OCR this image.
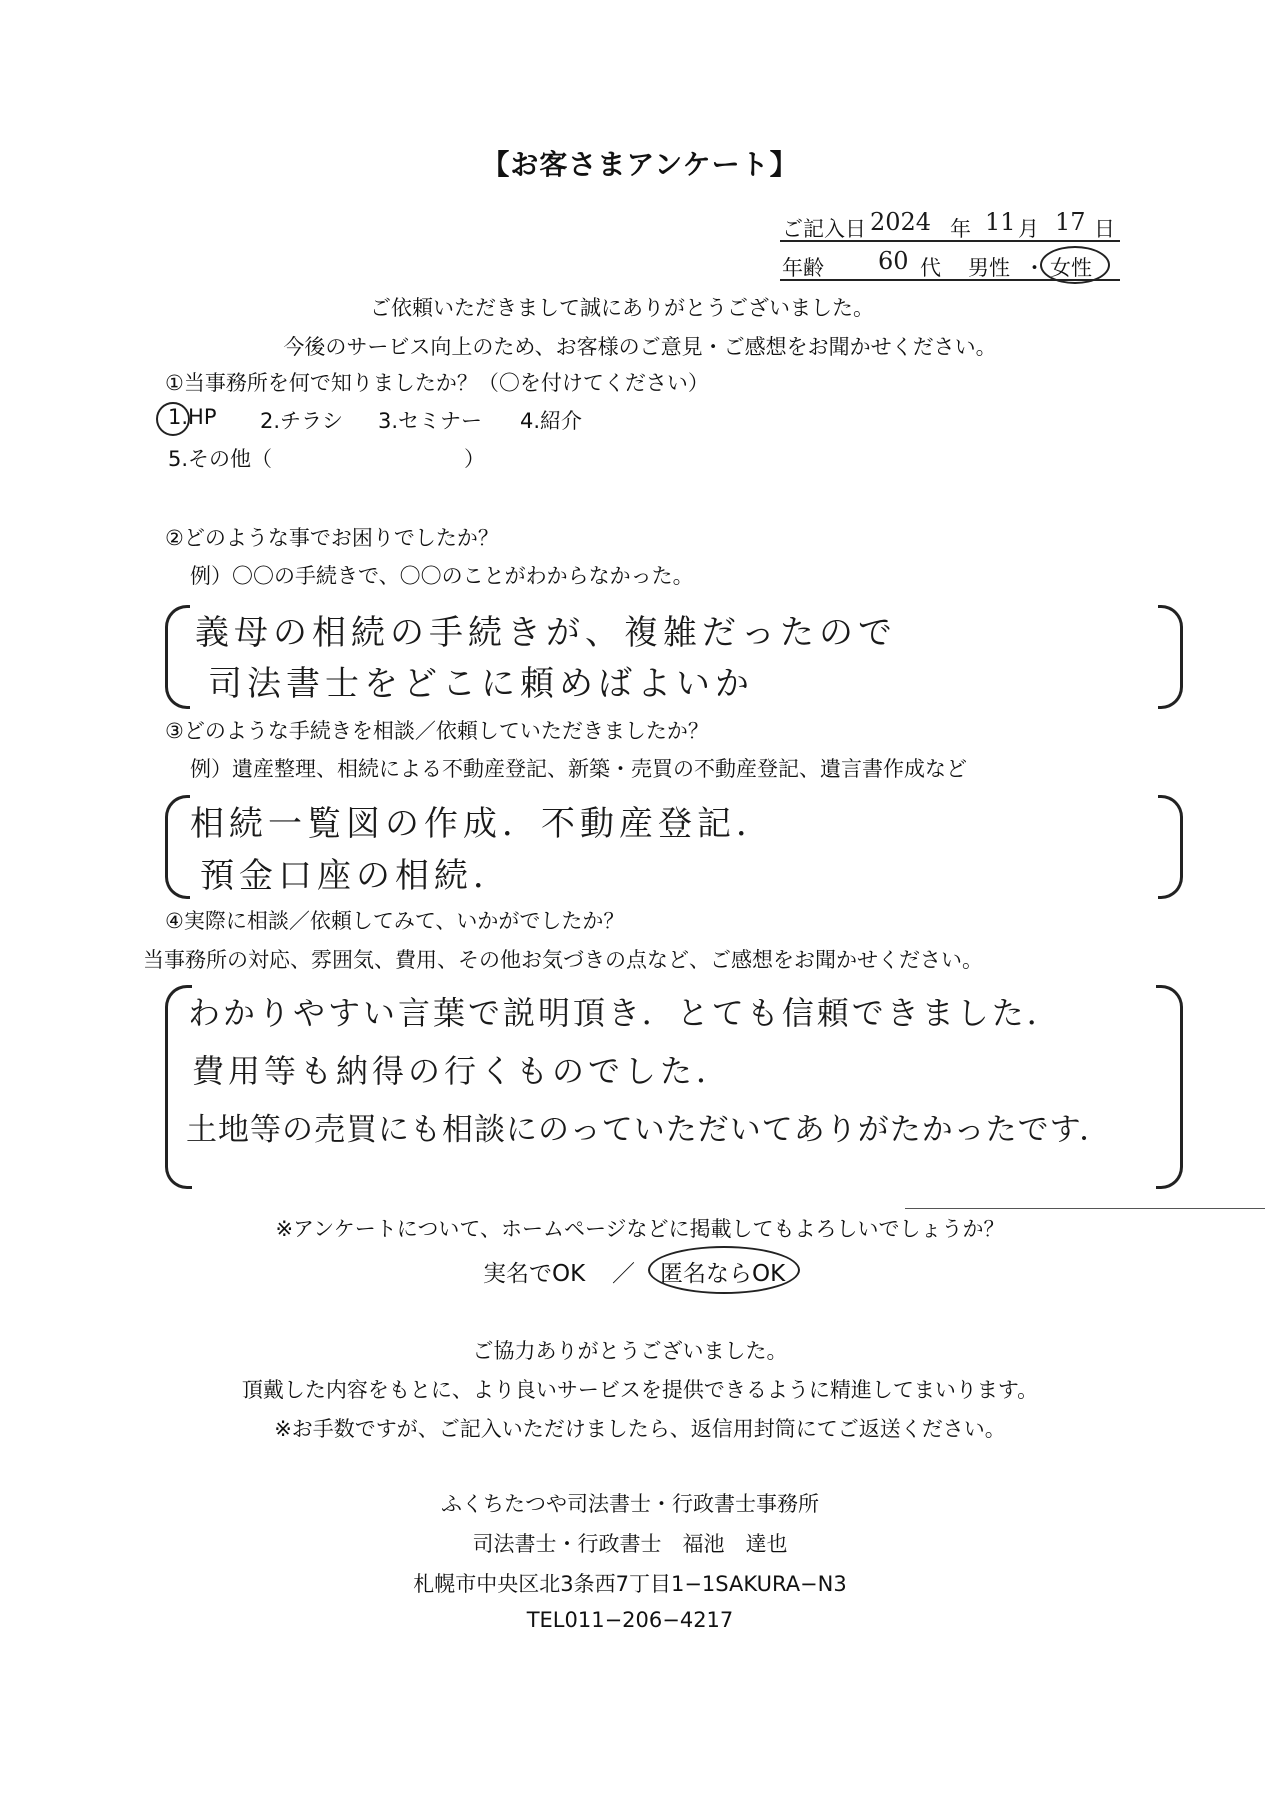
【お客さまアンケート】
ご記入日 2024 年 11 月 17 日
年齢 60 代 男性 ・ 女性
ご依頼いただきまして誠にありがとうございました。
今後のサービス向上のため、お客様のご意見・ご感想をお聞かせください。
①当事務所を何で知りましたか？（〇を付けてください）
1.HP 2.チラシ 3.セミナー 4.紹介
5.その他（	）
②どのような事でお困りでしたか？
例）〇〇の手続きで、〇〇のことがわからなかった。
義母の相続の手続きが、複雑だったので
司法書士をどこに頼めばよいか
③どのような手続きを相談／依頼していただきましたか？
例）遺産整理、相続による不動産登記、新築・売買の不動産登記、遺言書作成など
相続一覧図の作成．不動産登記．
預金口座の相続．
④実際に相談／依頼してみて、いかがでしたか？
当事務所の対応、雰囲気、費用、その他お気づきの点など、ご感想をお聞かせください。
わかりやすい言葉で説明頂き．とても信頼できました．
費用等も納得の行くものでした．
土地等の売買にも相談にのっていただいてありがたかったです．
※アンケートについて、ホームページなどに掲載してもよろしいでしょうか？
実名でOK ／ 匿名ならOK
ご協力ありがとうございました。
頂戴した内容をもとに、より良いサービスを提供できるように精進してまいります。
※お手数ですが、ご記入いただけましたら、返信用封筒にてご返送ください。
ふくちたつや司法書士・行政書士事務所
司法書士・行政書士　福池　達也
札幌市中央区北3条西7丁目1−1SAKURA−N3
TEL011−206−4217
